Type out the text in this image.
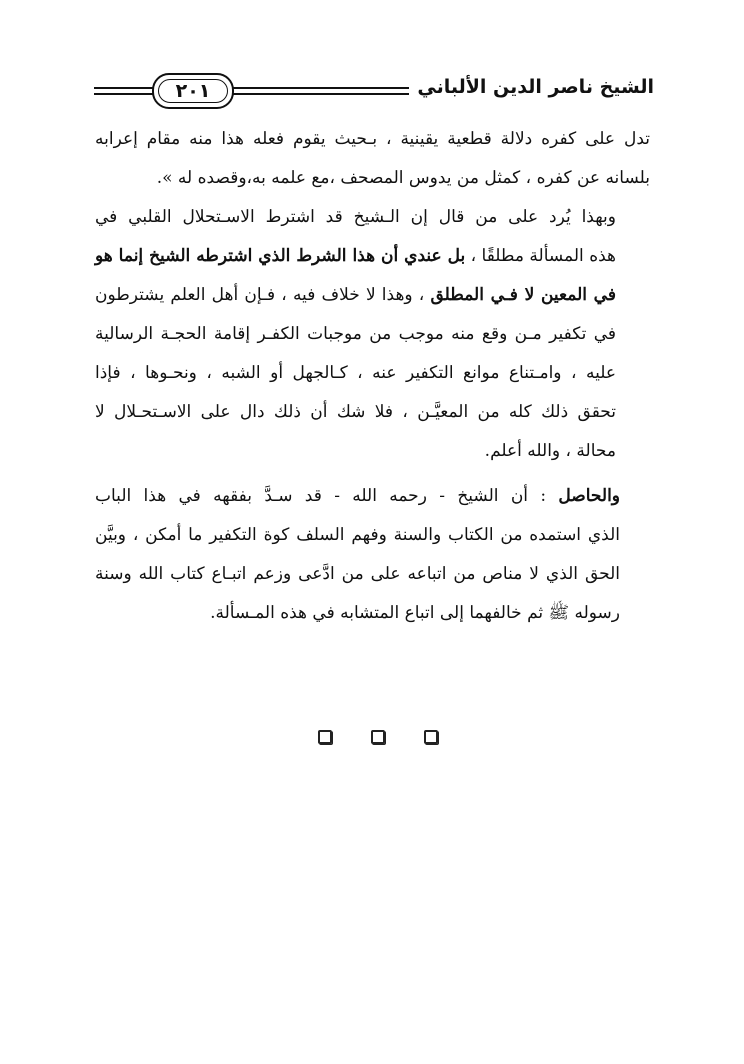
الشيخ ناصر الدين الألباني
٢٠١

تدل على كفره دلالة قطعية يقينية ، بـحيث يقوم فعله هذا منه مقام إعرابه
بلسانه عن كفره ، كمثل من يدوس المصحف ،مع علمه به،وقصده له ».

وبهذا يُرد على من قال إن الـشيخ قد اشترط الاسـتحلال القلبي في
هذه المسألة مطلقًا ، بل عندي أن هذا الشرط الذي اشترطه الشيخ إنما هو
في المعين لا فـي المطلق ، وهذا لا خلاف فيه ، فـإن أهل العلم يشترطون
في تكفير مـن وقع منه موجب من موجبات الكفـر إقامة الحجـة الرسالية
عليه ، وامـتناع موانع التكفير عنه ، كـالجهل أو الشبه ، ونحـوها ، فإذا
تحقق ذلك كله من المعيَّـن ، فلا شك أن ذلك دال على الاسـتحـلال لا
محالة ، والله أعلم.

والحاصل : أن الشيخ - رحمه الله - قد سـدَّ بفقهه في هذا الباب
الذي استمده من الكتاب والسنة وفهم السلف كوة التكفير ما أمكن ، وبيَّن
الحق الذي لا مناص من اتباعه على من ادَّعى وزعم اتبـاع كتاب الله وسنة
رسوله ﷺ ثم خالفهما إلى اتباع المتشابه في هذه المـسألة.
